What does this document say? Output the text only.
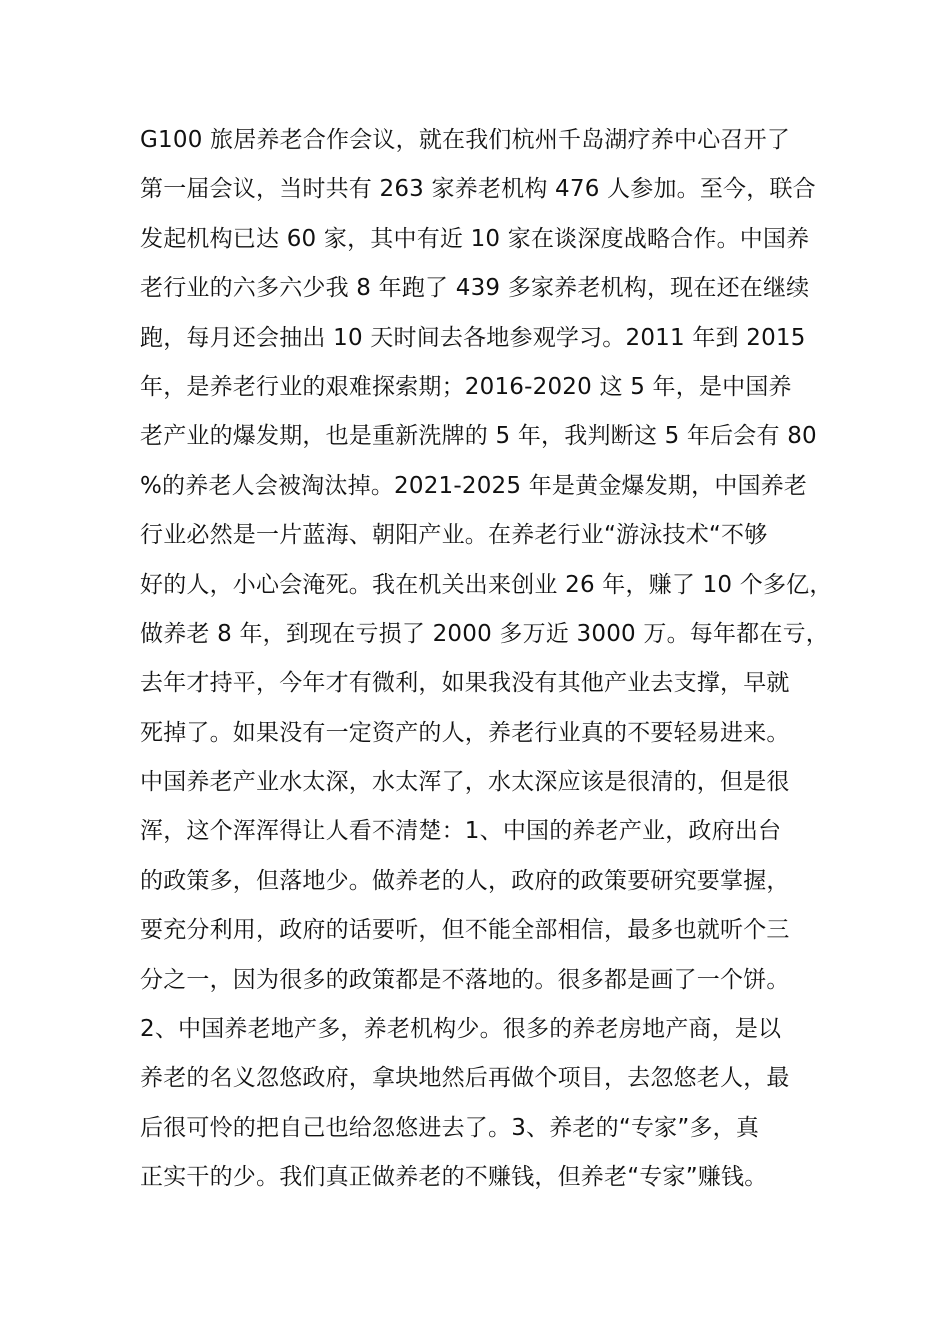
G100 旅居养老合作会议，就在我们杭州千岛湖疗养中心召开了
第一届会议，当时共有 263 家养老机构 476 人参加。至今，联合
发起机构已达 60 家，其中有近 10 家在谈深度战略合作。中国养
老行业的六多六少我 8 年跑了 439 多家养老机构，现在还在继续
跑，每月还会抽出 10 天时间去各地参观学习。2011 年到 2015
年，是养老行业的艰难探索期；2016-2020 这 5 年，是中国养
老产业的爆发期，也是重新洗牌的 5 年，我判断这 5 年后会有 80
%的养老人会被淘汰掉。2021-2025 年是黄金爆发期，中国养老
行业必然是一片蓝海、朝阳产业。在养老行业“游泳技术“不够
好的人，小心会淹死。我在机关出来创业 26 年，赚了 10 个多亿，
做养老 8 年，到现在亏损了 2000 多万近 3000 万。每年都在亏，
去年才持平，今年才有微利，如果我没有其他产业去支撑，早就
死掉了。如果没有一定资产的人，养老行业真的不要轻易进来。
中国养老产业水太深，水太浑了，水太深应该是很清的，但是很
浑，这个浑浑得让人看不清楚：1、中国的养老产业，政府出台
的政策多，但落地少。做养老的人，政府的政策要研究要掌握，
要充分利用，政府的话要听，但不能全部相信，最多也就听个三
分之一，因为很多的政策都是不落地的。很多都是画了一个饼。
2、中国养老地产多，养老机构少。很多的养老房地产商，是以
养老的名义忽悠政府，拿块地然后再做个项目，去忽悠老人，最
后很可怜的把自己也给忽悠进去了。3、养老的“专家”多，真
正实干的少。我们真正做养老的不赚钱，但养老“专家”赚钱。
